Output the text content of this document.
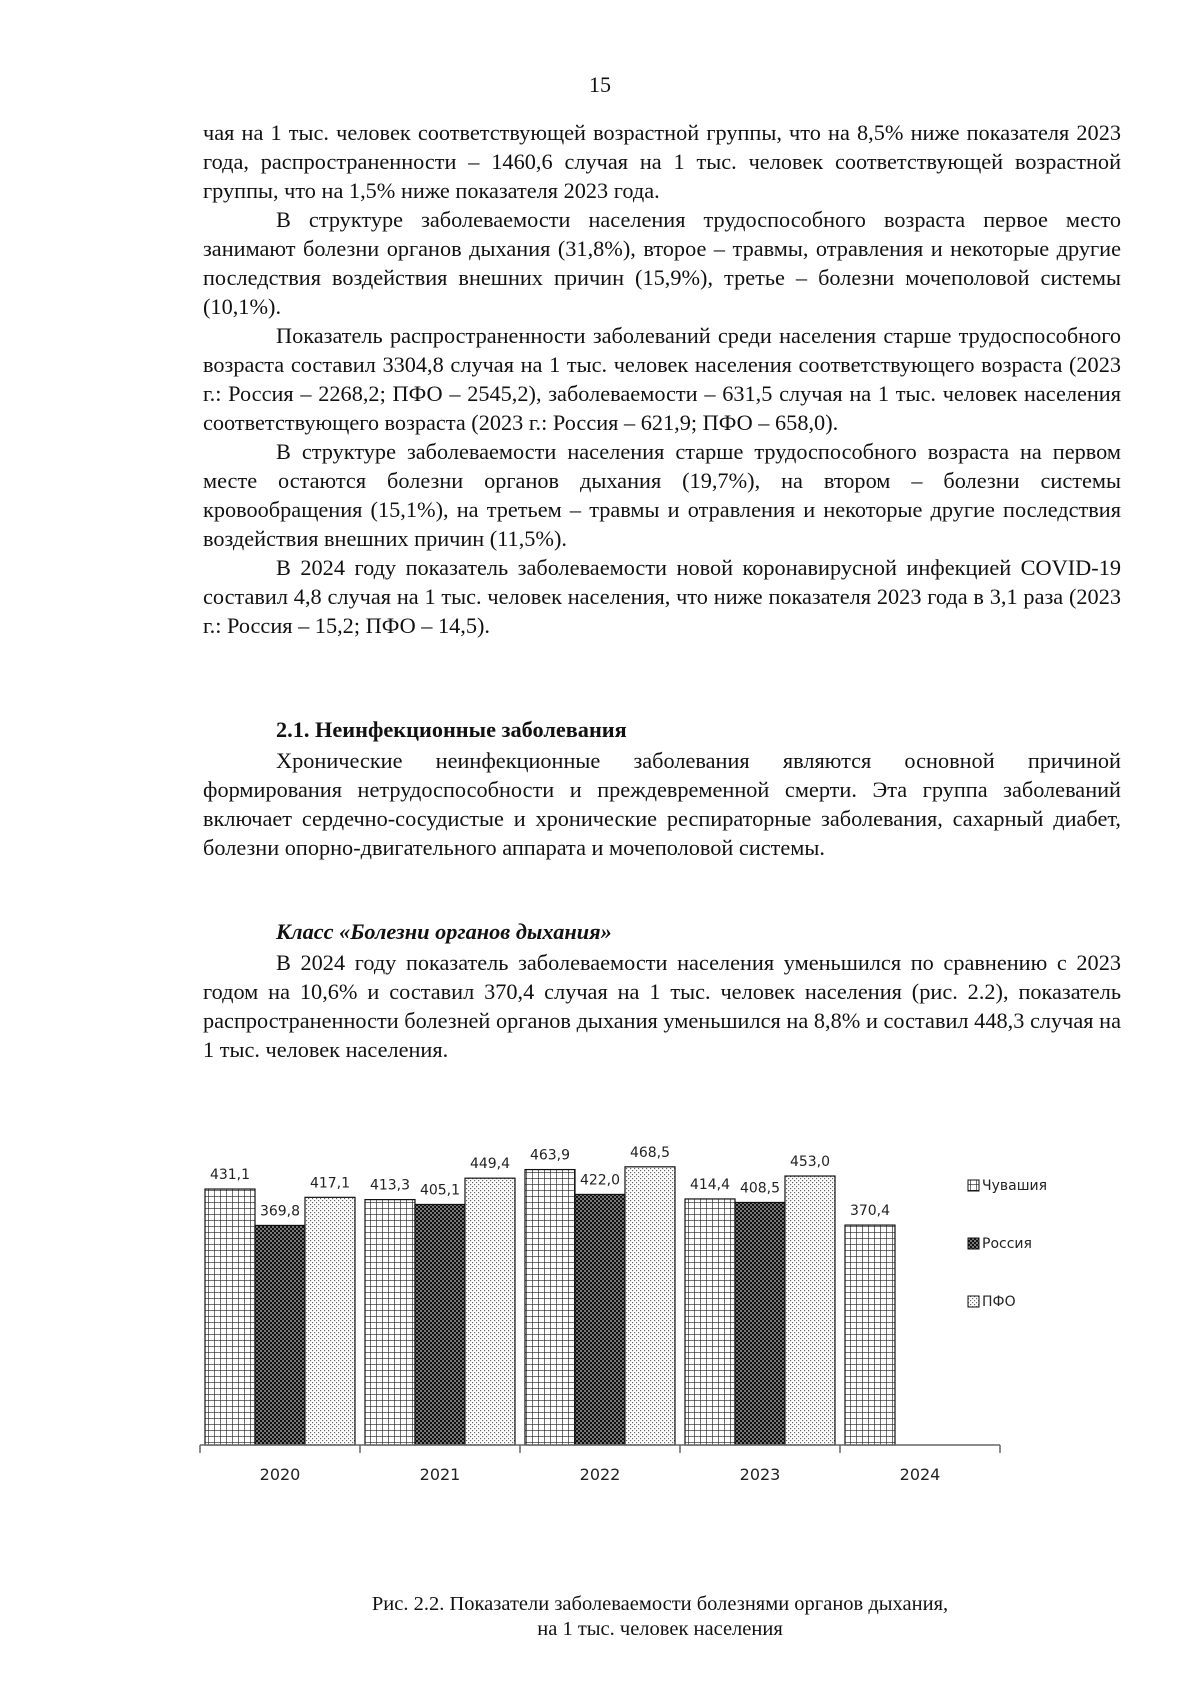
15

чая на 1 тыс. человек соответствующей возрастной группы, что на 8,5% ниже показателя 2023 года, распространенности – 1460,6 случая на 1 тыс. человек соответствующей возрастной группы, что на 1,5% ниже показателя 2023 года.

В структуре заболеваемости населения трудоспособного возраста первое место занимают болезни органов дыхания (31,8%), второе – травмы, отравления и некоторые другие последствия воздействия внешних причин (15,9%), третье – болезни мочеполовой системы (10,1%).

Показатель распространенности заболеваний среди населения старше трудоспособного возраста составил 3304,8 случая на 1 тыс. человек населения соответствующего возраста (2023 г.: Россия – 2268,2; ПФО – 2545,2), заболеваемости – 631,5 случая на 1 тыс. человек населения соответствующего возраста (2023 г.: Россия – 621,9; ПФО – 658,0).

В структуре заболеваемости населения старше трудоспособного возраста на первом месте остаются болезни органов дыхания (19,7%), на втором – болезни системы кровообращения (15,1%), на третьем – травмы и отравления и некоторые другие последствия воздействия внешних причин (11,5%).

В 2024 году показатель заболеваемости новой коронавирусной инфекцией COVID-19 составил 4,8 случая на 1 тыс. человек населения, что ниже показателя 2023 года в 3,1 раза (2023 г.: Россия – 15,2; ПФО – 14,5).

2.1. Неинфекционные заболевания

Хронические неинфекционные заболевания являются основной причиной формирования нетрудоспособности и преждевременной смерти. Эта группа заболеваний включает сердечно-сосудистые и хронические респираторные заболевания, сахарный диабет, болезни опорно-двигательного аппарата и мочеполовой системы.

Класс «Болезни органов дыхания»

В 2024 году показатель заболеваемости населения уменьшился по сравнению с 2023 годом на 10,6% и составил 370,4 случая на 1 тыс. человек населения (рис. 2.2), показатель распространенности болезней органов дыхания уменьшился на 8,8% и составил 448,3 случая на 1 тыс. человек населения.

431,1
369,8
417,1 413,3 405,1
449,4
463,9
422,0
468,5
414,4 408,5
453,0
370,4
2020	2021	2022	2023	2024
Чувашия
Россия
ПФО
Рис. 2.2. Показатели заболеваемости болезнями органов дыхания,
на 1 тыс. человек населения
